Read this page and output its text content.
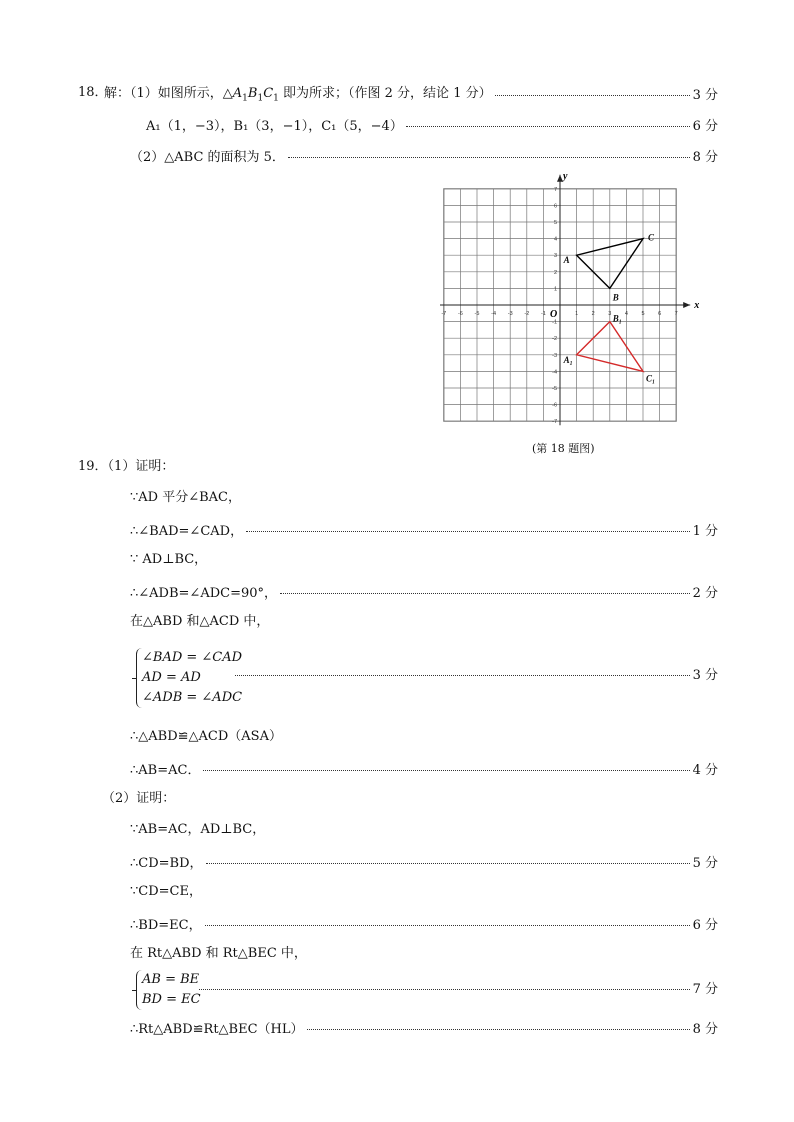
18．
解：（1）如图所示，$\triangle A_1B_1C_1$ 即为所求；（作图 2 分，结论 1 分）	3 分
A₁（1，−3），B₁（3，−1），C₁（5，−4）	6 分
（2）△ABC 的面积为 5．	8 分
x
y
O
-7 -6 -5 -4 -3 -2 -1	1 2 3 4 5 6 7
7
6
5
4
3
2
1
-1
-2
-3
-4
-5
-6
-7
A
B
C
A₁
B₁
C₁
(第 18 题图)
19．（1）证明：
∵AD 平分∠BAC，
∴∠BAD=∠CAD，	1 分
∵ AD⊥BC，
∴∠ADB=∠ADC=90°，	2 分
在△ABD 和△ACD 中，
∠BAD = ∠CAD
AD = AD
∠ADB = ∠ADC
3 分
∴△ABD≌△ACD（ASA）
∴AB=AC．	4 分
（2）证明：
∵AB=AC，AD⊥BC，
∴CD=BD，	5 分
∵CD=CE，
∴BD=EC，	6 分
在 Rt△ABD 和 Rt△BEC 中，
AB = BE
BD = EC
7 分
∴Rt△ABD≌Rt△BEC（HL）	8 分
